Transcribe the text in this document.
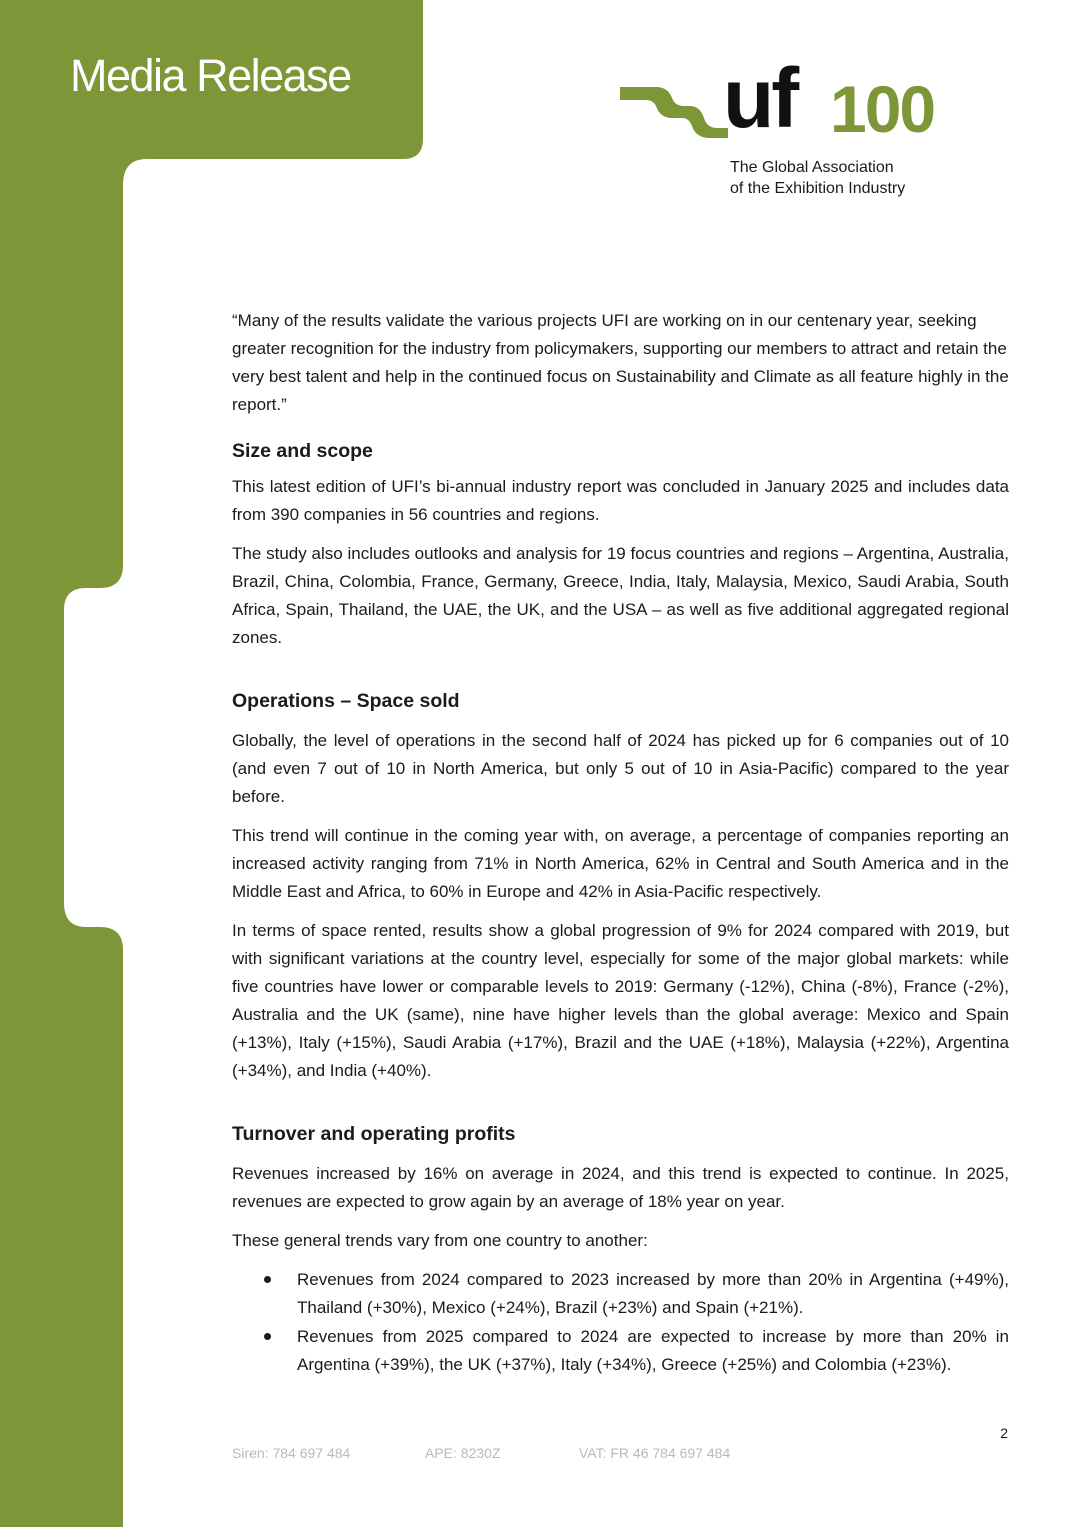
Media Release	uf 100
The Global Association
of the Exhibition Industry

“Many of the results validate the various projects UFI are working on in our centenary year, seeking greater recognition for the industry from policymakers, supporting our members to attract and retain the very best talent and help in the continued focus on Sustainability and Climate as all feature highly in the report.”

Size and scope

This latest edition of UFI’s bi-annual industry report was concluded in January 2025 and includes data from 390 companies in 56 countries and regions.

The study also includes outlooks and analysis for 19 focus countries and regions – Argentina, Australia, Brazil, China, Colombia, France, Germany, Greece, India, Italy, Malaysia, Mexico, Saudi Arabia, South Africa, Spain, Thailand, the UAE, the UK, and the USA – as well as five additional aggregated regional zones.

Operations – Space sold

Globally, the level of operations in the second half of 2024 has picked up for 6 companies out of 10 (and even 7 out of 10 in North America, but only 5 out of 10 in Asia-Pacific) compared to the year before.

This trend will continue in the coming year with, on average, a percentage of companies reporting an increased activity ranging from 71% in North America, 62% in Central and South America and in the Middle East and Africa, to 60% in Europe and 42% in Asia-Pacific respectively.

In terms of space rented, results show a global progression of 9% for 2024 compared with 2019, but with significant variations at the country level, especially for some of the major global markets: while five countries have lower or comparable levels to 2019: Germany (-12%), China (-8%), France (-2%), Australia and the UK (same), nine have higher levels than the global average: Mexico and Spain (+13%), Italy (+15%), Saudi Arabia (+17%), Brazil and the UAE (+18%), Malaysia (+22%), Argentina (+34%), and India (+40%).

Turnover and operating profits

Revenues increased by 16% on average in 2024, and this trend is expected to continue. In 2025, revenues are expected to grow again by an average of 18% year on year.

These general trends vary from one country to another:

Revenues from 2024 compared to 2023 increased by more than 20% in Argentina (+49%), Thailand (+30%), Mexico (+24%), Brazil (+23%) and Spain (+21%).
Revenues from 2025 compared to 2024 are expected to increase by more than 20% in Argentina (+39%), the UK (+37%), Italy (+34%), Greece (+25%) and Colombia (+23%).

2

Siren: 784 697 484	APE: 8230Z	VAT: FR 46 784 697 484
